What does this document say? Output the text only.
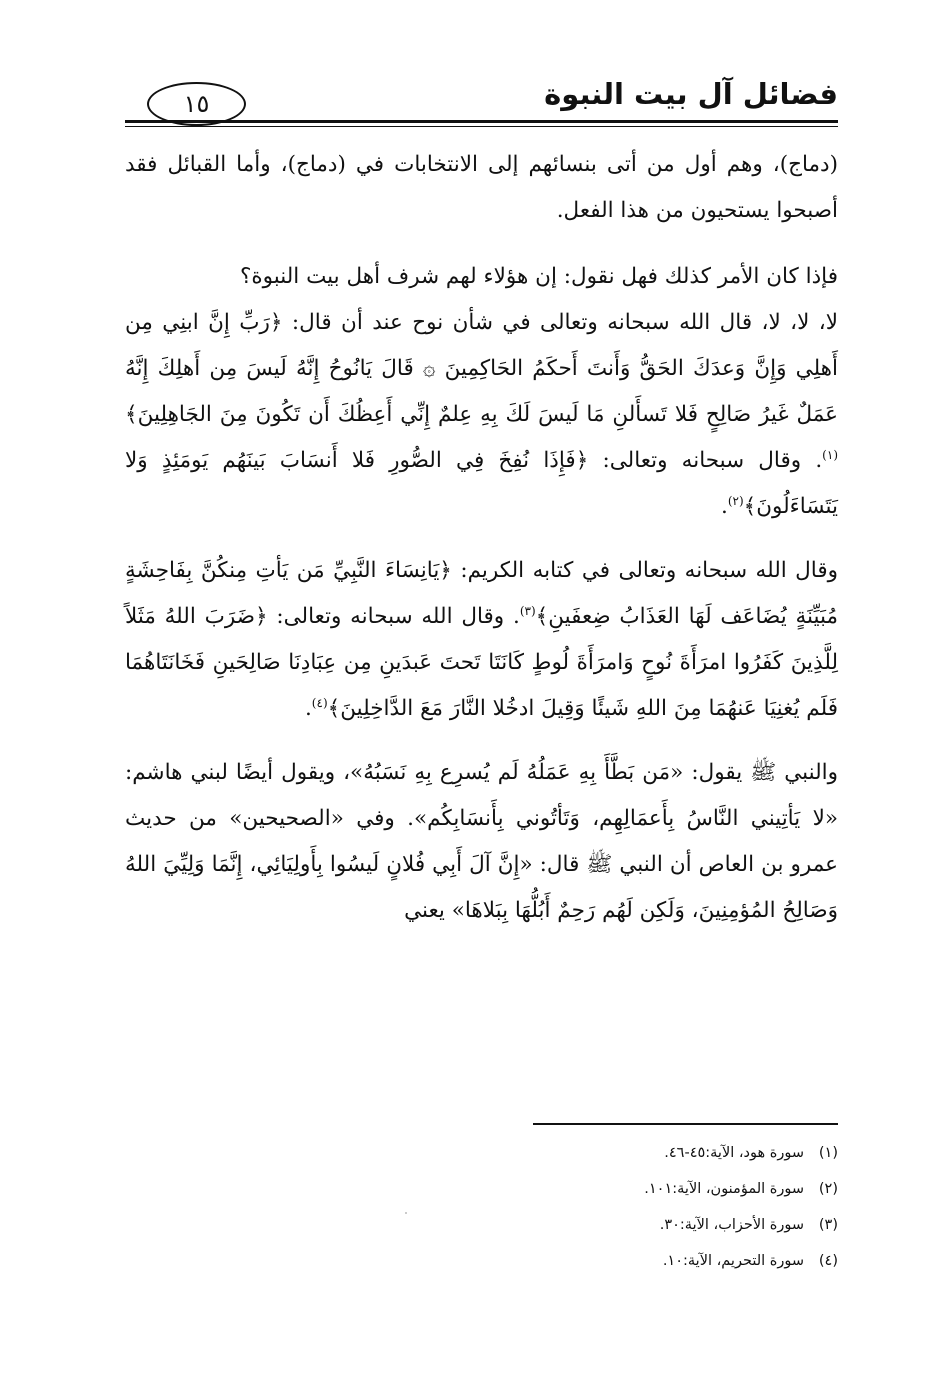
فضائل آل بيت النبوة
١٥

(دماج)، وهم أول من أتى بنسائهم إلى الانتخابات في (دماج)، وأما القبائل فقد أصبحوا يستحيون من هذا الفعل.

فإذا كان الأمر كذلك فهل نقول: إن هؤلاء لهم شرف أهل بيت النبوة؟
لا، لا، لا، قال الله سبحانه وتعالى في شأن نوح عند أن قال: ﴿رَبِّ إِنَّ ابنِي مِن أَهلِي وَإِنَّ وَعدَكَ الحَقُّ وَأَنتَ أَحكَمُ الحَاكِمِينَ ۞ قَالَ يَانُوحُ إِنَّهُ لَيسَ مِن أَهلِكَ إِنَّهُ عَمَلٌ غَيرُ صَالِحٍ فَلا تَسأَلنِ مَا لَيسَ لَكَ بِهِ عِلمٌ إِنِّي أَعِظُكَ أَن تَكُونَ مِنَ الجَاهِلِينَ﴾$^{(١)}$. وقال سبحانه وتعالى: ﴿فَإِذَا نُفِخَ فِي الصُّورِ فَلا أَنسَابَ بَينَهُم يَومَئِذٍ وَلا يَتَسَاءَلُونَ﴾$^{(٢)}$.

وقال الله سبحانه وتعالى في كتابه الكريم: ﴿يَانِسَاءَ النَّبِيِّ مَن يَأتِ مِنكُنَّ بِفَاحِشَةٍ مُبَيِّنَةٍ يُضَاعَف لَهَا العَذَابُ ضِعفَينِ﴾$^{(٣)}$. وقال الله سبحانه وتعالى: ﴿ضَرَبَ اللهُ مَثَلاً لِلَّذِينَ كَفَرُوا امرَأَةَ نُوحٍ وَامرَأَةَ لُوطٍ كَانَتَا تَحتَ عَبدَينِ مِن عِبَادِنَا صَالِحَينِ فَخَانَتَاهُمَا فَلَم يُغنِيَا عَنهُمَا مِنَ اللهِ شَيئًا وَقِيلَ ادخُلا النَّارَ مَعَ الدَّاخِلِينَ﴾$^{(٤)}$.

والنبي ﷺ يقول: «مَن بَطَّأَ بِهِ عَمَلُهُ لَم يُسرِع بِهِ نَسَبُهُ»، ويقول أيضًا لبني هاشم: «لا يَأتِيني النَّاسُ بِأَعمَالِهِم، وَتَأتُوني بِأَنسَابِكُم». وفي «الصحيحين» من حديث عمرو بن العاص أن النبي ﷺ قال: «إِنَّ آلَ أَبِي فُلانٍ لَيسُوا بِأَولِيَائِي، إِنَّمَا وَلِيِّيَ اللهُ وَصَالِحُ المُؤمِنِينَ، وَلَكِن لَهُم رَحِمٌ أَبُلُّهَا بِبَلاهَا» يعني

(١)سورة هود، الآية:٤٥-٤٦.
(٢)سورة المؤمنون، الآية:١٠١.
(٣)سورة الأحزاب، الآية:٣٠.
(٤)سورة التحريم، الآية:١٠.
